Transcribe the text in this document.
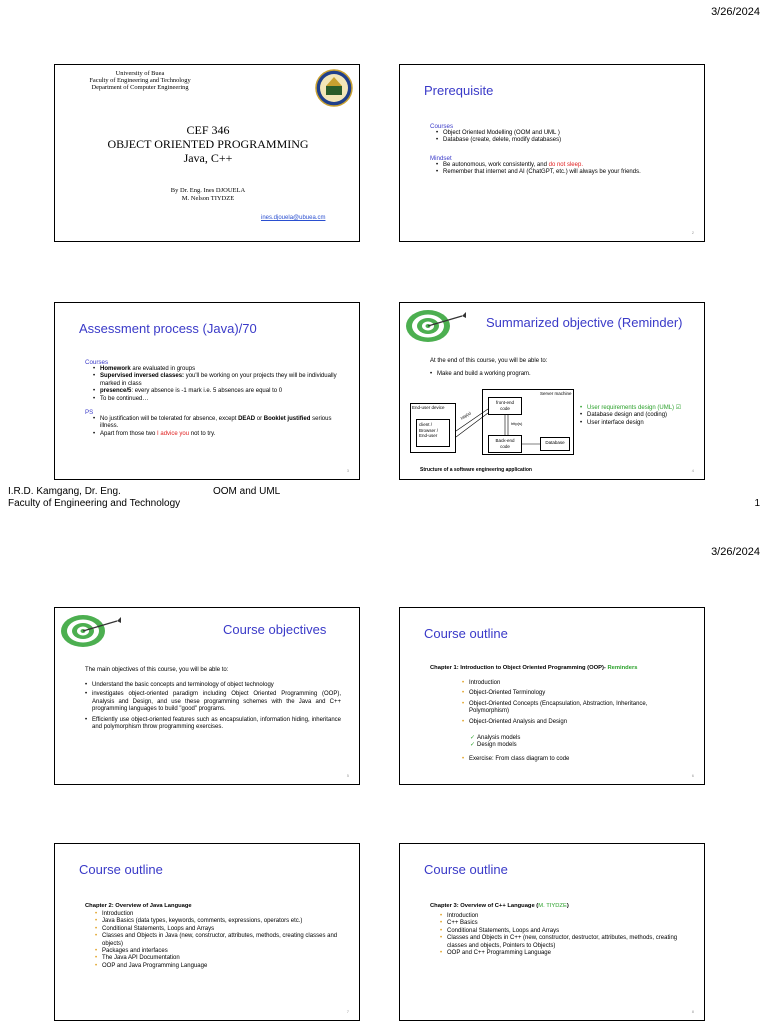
3/26/2024
University of Buea
Faculty of Engineering and Technology
Department of Computer Engineering
CEF 346
OBJECT ORIENTED PROGRAMMING
Java, C++
By Dr. Eng. Ines DJOUELA
M. Nelson TIYDZE
ines.djouela@ubuea.cm
Prerequisite
Courses
• Object Oriented Modelling (OOM and UML )
• Database (create, delete, modify databases)
Mindset
• Be autonomous, work consistently, and do not sleep.
• Remember that internet and AI (ChatGPT, etc.) will always be your friends.
2
Assessment process (Java)/70
Courses
• Homework are evaluated in groups
• Supervised inversed classes: you'll be working on your projects they will be individually marked in class
• presence/5: every absence is -1 mark i.e. 5 absences are equal to 0
• To be continued…
PS
• No justification will be tolerated for absence, except DEAD or Booklet justified serious illness.
• Apart from those two I advice you not to try.
3
Summarized objective (Reminder)
At the end of this course, you will be able to:
• Make and build a working program.
Server machine
End-user device
client / Browser / End-user
front-end code
Back-end code
Database
http(s)
http(s)
• User requirements design (UML) ☑
• Database design and (coding)
• User interface design
Structure of a software engineering application	4
I.R.D. Kamgang, Dr. Eng.	OOM and UML
Faculty of Engineering and Technology	1
3/26/2024
Course objectives
The main objectives of this course, you will be able to:
• Understand the basic concepts and terminology of object technology
• investigates object-oriented paradigm including Object Oriented Programming (OOP), Analysis and Design, and use these programming schemes with the Java and C++ programming languages to build "good" programs.
• Efficiently use object-oriented features such as encapsulation, information hiding, inheritance and polymorphism throw programming exercises.
5
Course outline
Chapter 1: Introduction to Object Oriented Programming (OOP)- Reminders
• Introduction
• Object-Oriented Terminology
• Object-Oriented Concepts (Encapsulation, Abstraction, Inheritance, Polymorphism)
• Object-Oriented Analysis and Design
✓ Analysis models
✓ Design models
• Exercise: From class diagram to code
6
Course outline
Chapter 2: Overview of Java Language
• Introduction
• Java Basics (data types, keywords, comments, expressions, operators etc.)
• Conditional Statements, Loops and Arrays
• Classes and Objects in Java (new, constructor, attributes, methods, creating classes and objects)
• Packages and interfaces
• The Java API Documentation
• OOP and Java Programming Language
7
Course outline
Chapter 3: Overview of C++ Language (M. TIYDZE)
• Introduction
• C++ Basics
• Conditional Statements, Loops and Arrays
• Classes and Objects in C++ (new, constructor, destructor, attributes, methods, creating classes and objects, Pointers to Objects)
• OOP and C++ Programming Language
8
